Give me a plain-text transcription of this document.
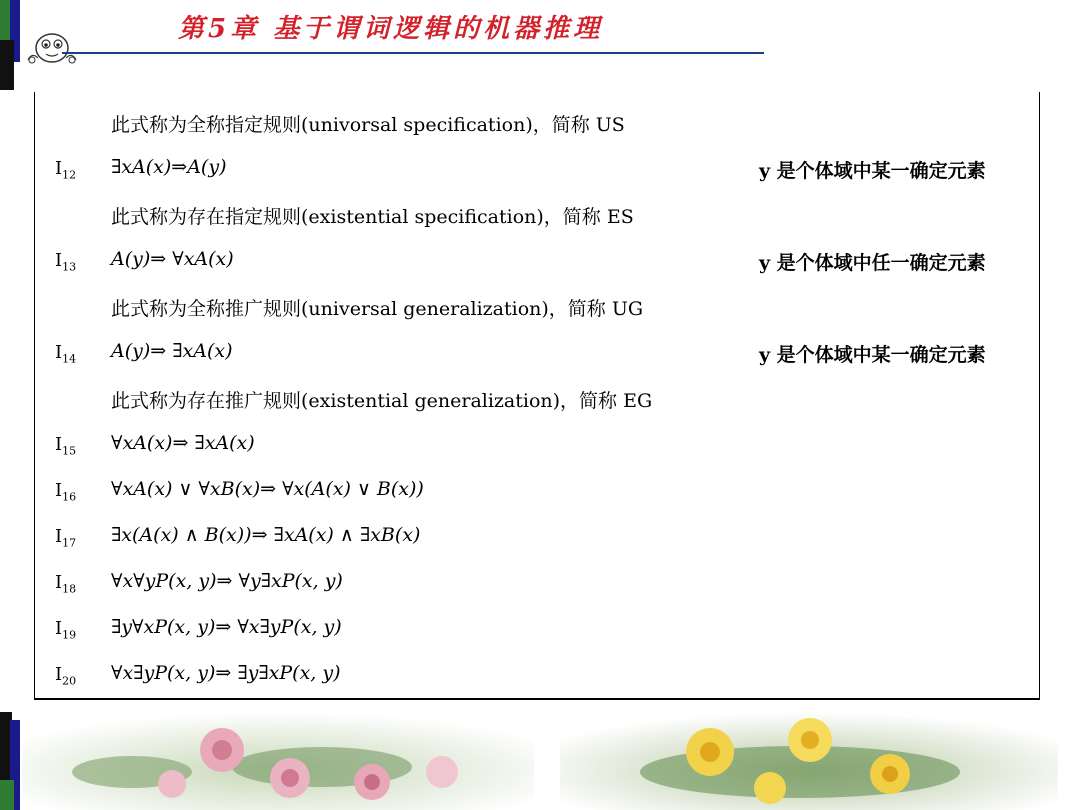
第5章 基于谓词逻辑的机器推理
此式称为全称指定规则(univorsal specification)，简称 US
$I_{12}$ ∃xA(x)⇒A(y)	y 是个体域中某一确定元素
此式称为存在指定规则(existential specification)，简称 ES
$I_{13}$ A(y)⇒ ∀xA(x)	y 是个体域中任一确定元素
此式称为全称推广规则(universal generalization)，简称 UG
$I_{14}$ A(y)⇒ ∃xA(x)	y 是个体域中某一确定元素
此式称为存在推广规则(existential generalization)，简称 EG
$I_{15}$ ∀xA(x)⇒ ∃xA(x)
$I_{16}$ ∀xA(x) ∨ ∀xB(x)⇒ ∀x(A(x) ∨ B(x))
$I_{17}$ ∃x(A(x) ∧ B(x))⇒ ∃xA(x) ∧ ∃xB(x)
$I_{18}$ ∀x∀yP(x, y)⇒ ∀y∃xP(x, y)
$I_{19}$ ∃y∀xP(x, y)⇒ ∀x∃yP(x, y)
$I_{20}$ ∀x∃yP(x, y)⇒ ∃y∃xP(x, y)
